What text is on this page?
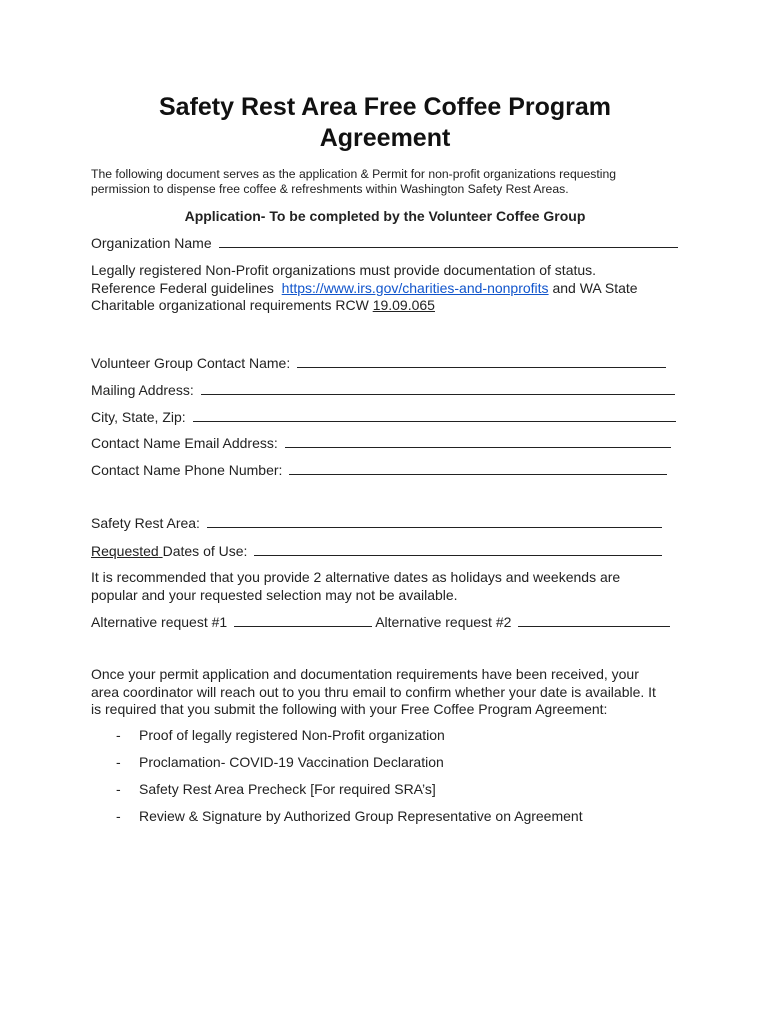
Safety Rest Area Free Coffee Program
Agreement
The following document serves as the application & Permit for non-profit organizations requesting
permission to dispense free coffee & refreshments within Washington Safety Rest Areas.
Application- To be completed by the Volunteer Coffee Group
Organization Name
Legally registered Non-Profit organizations must provide documentation of status.
Reference Federal guidelines https://www.irs.gov/charities-and-nonprofits and WA State
Charitable organizational requirements RCW 19.09.065
Volunteer Group Contact Name:
Mailing Address:
City, State, Zip:
Contact Name Email Address:
Contact Name Phone Number:
Safety Rest Area:
Requested Dates of Use:
It is recommended that you provide 2 alternative dates as holidays and weekends are
popular and your requested selection may not be available.
Alternative request #1	Alternative request #2
Once your permit application and documentation requirements have been received, your
area coordinator will reach out to you thru email to confirm whether your date is available. It
is required that you submit the following with your Free Coffee Program Agreement:
- Proof of legally registered Non-Profit organization
- Proclamation- COVID-19 Vaccination Declaration
- Safety Rest Area Precheck [For required SRA’s]
- Review & Signature by Authorized Group Representative on Agreement
